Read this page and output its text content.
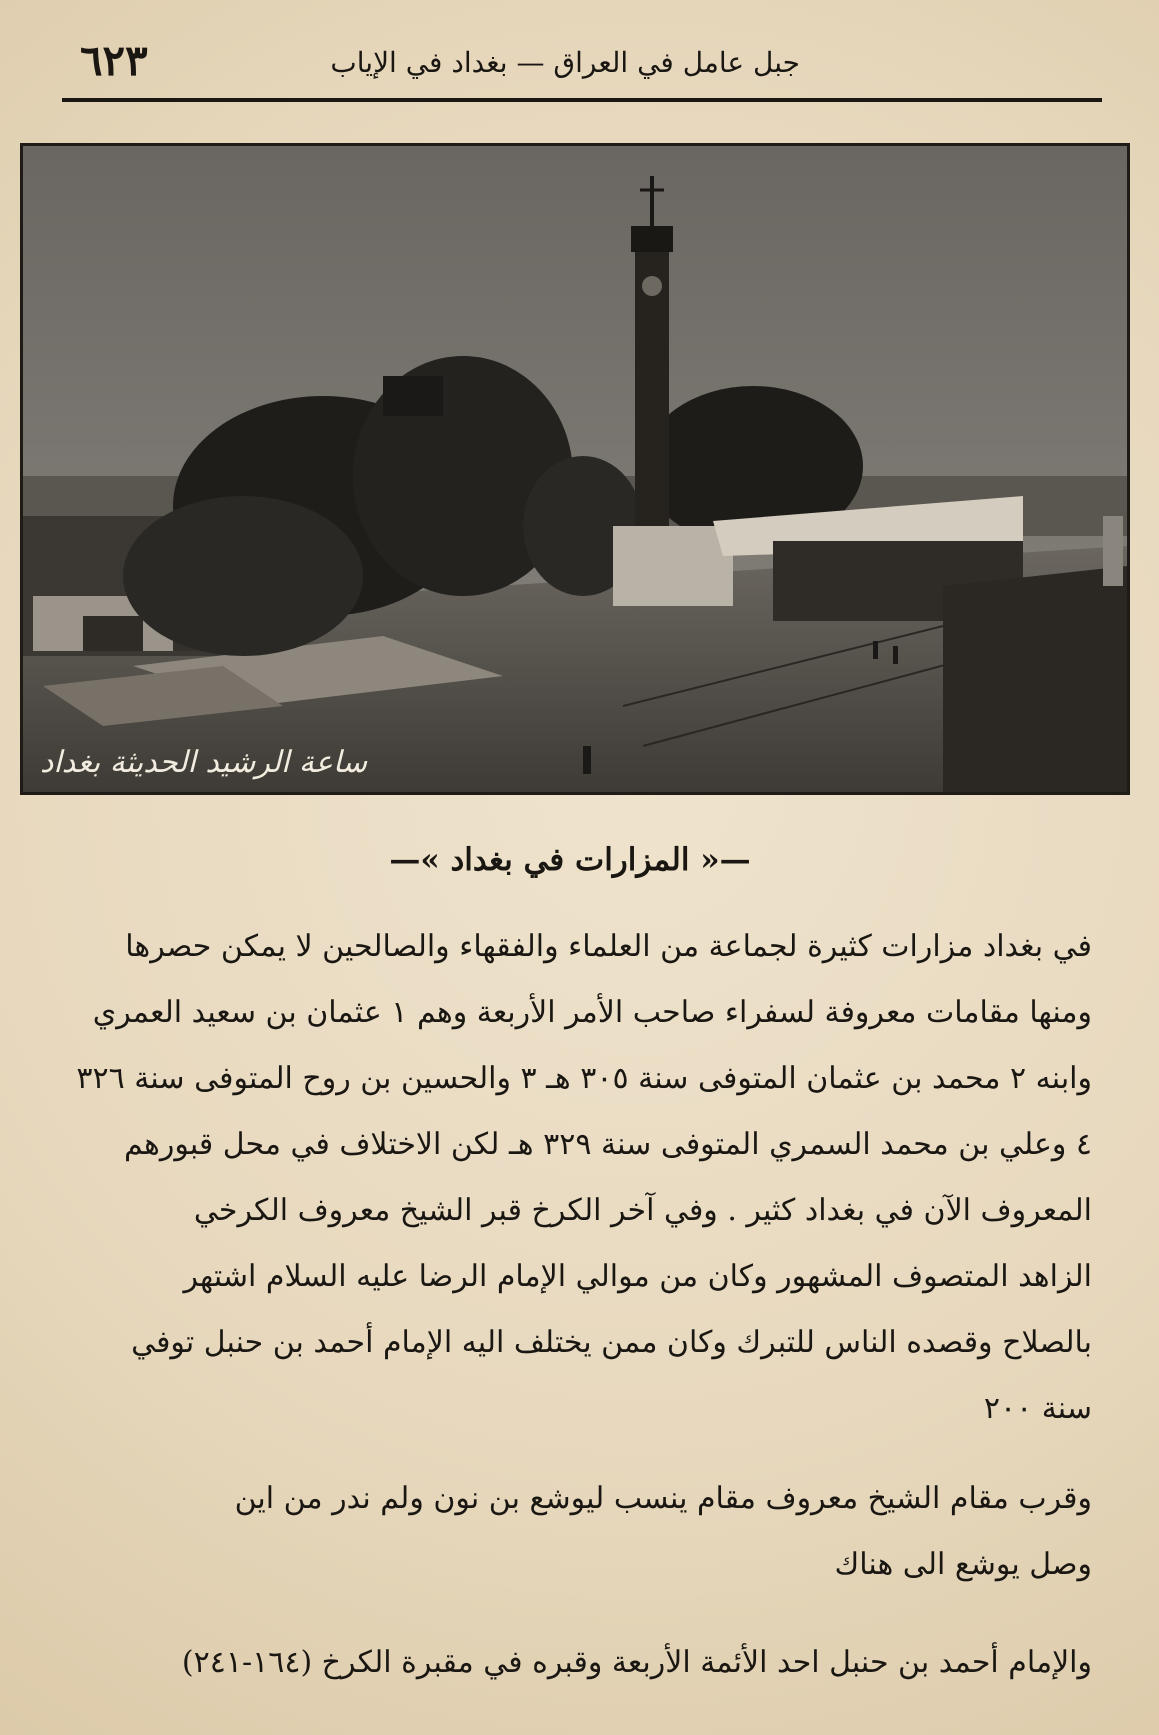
جبل عامل في العراق — بغداد في الإياب
٦٢٣
ساعة الرشيد الحديثة بغداد
—« المزارات في بغداد »—
في بغداد مزارات كثيرة لجماعة من العلماء والفقهاء والصالحين لا يمكن حصرها
ومنها مقامات معروفة لسفراء صاحب الأمر الأربعة وهم ١ عثمان بن سعيد العمري
وابنه ٢ محمد بن عثمان المتوفى سنة ٣٠٥ هـ ٣ والحسين بن روح المتوفى سنة ٣٢٦
٤ وعلي بن محمد السمري المتوفى سنة ٣٢٩ هـ لكن الاختلاف في محل قبورهم
المعروف الآن في بغداد كثير . وفي آخر الكرخ قبر الشيخ معروف الكرخي
الزاهد المتصوف المشهور وكان من موالي الإمام الرضا عليه السلام اشتهر
بالصلاح وقصده الناس للتبرك وكان ممن يختلف اليه الإمام أحمد بن حنبل توفي
سنة ٢٠٠
وقرب مقام الشيخ معروف مقام ينسب ليوشع بن نون ولم ندر من اين
وصل يوشع الى هناك
والإمام أحمد بن حنبل احد الأئمة الأربعة وقبره في مقبرة الكرخ (١٦٤-٢٤١)
